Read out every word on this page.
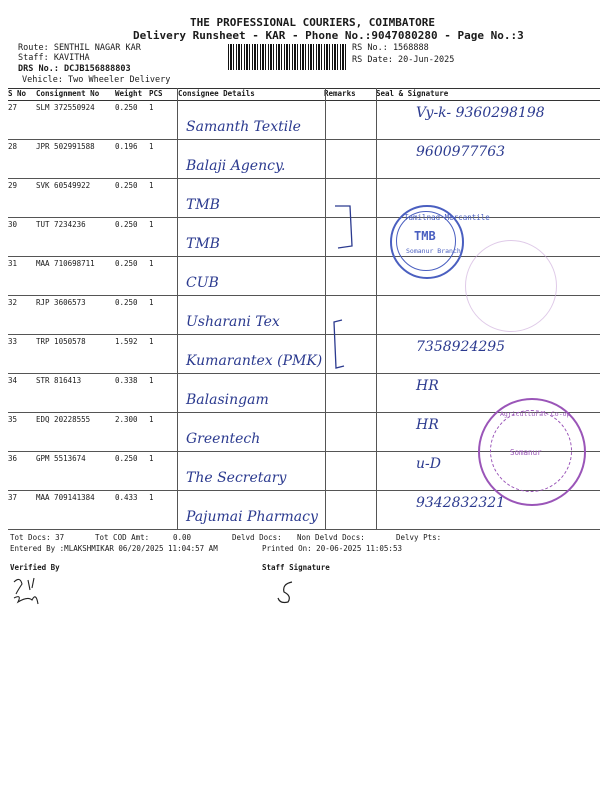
THE PROFESSIONAL COURIERS, COIMBATORE
Delivery Runsheet - KAR - Phone No.:9047080280 - Page No.:3
Route: SENTHIL NAGAR KAR
Staff: KAVITHA
DRS No.: DCJB156888803
Vehicle: Two Wheeler Delivery
RS No.: 1568888
RS Date: 20-Jun-2025
S No	Consignment No	Weight	PCS	Consignee Details	Remarks	Seal & Signature
27	SLM 372550924	0.250	1	Samanth Textile		Vy-k- 9360298198
28	JPR 502991588	0.196	1	Balaji Agency.		9600977763
29	SVK 60549922	0.250	1	TMB		
30	TUT 7234236	0.250	1	TMB		
31	MAA 710698711	0.250	1	CUB		
32	RJP 3606573	0.250	1	Usharani Tex		
33	TRP 1050578	1.592	1	Kumarantex (PMK)		7358924295
34	STR 816413	0.338	1	Balasingam		HR
35	EDQ 20228555	2.300	1	Greentech		HR
36	GPM 5513674	0.250	1	The Secretary		u-D
37	MAA 709141384	0.433	1	Pajumai Pharmacy		9342832321
Tamilnad Mercantile
TMB
Somanur Branch
Agricultural Co-op
Somanur
Tot Docs: 37	Tot COD Amt:	0.00	Delvd Docs: Non Delvd Docs:	Delvy Pts:
Entered By :MLAKSHMIKAR 06/20/2025 11:04:57 AM	Printed On: 20-06-2025 11:05:53
Verified By	Staff Signature
